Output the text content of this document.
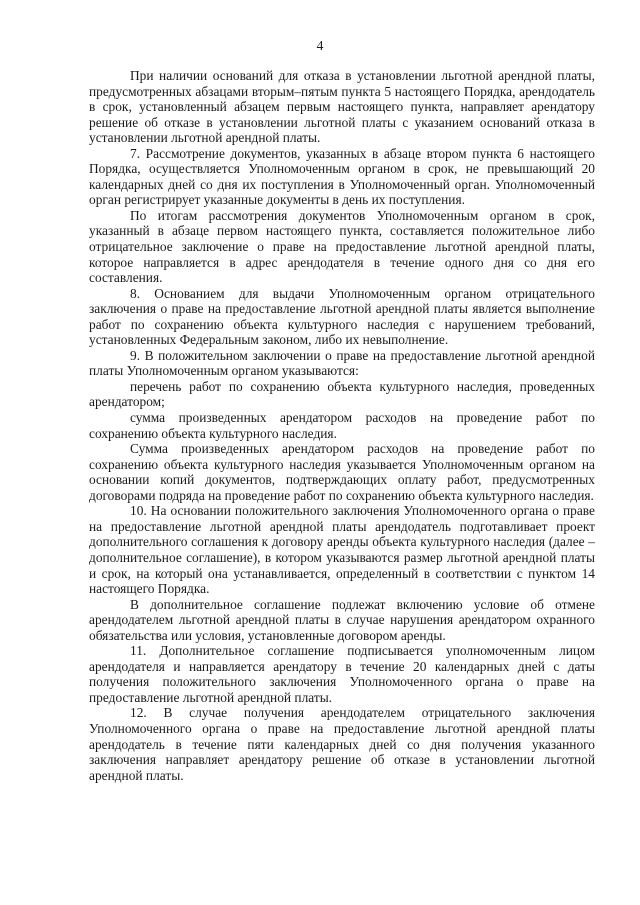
4

При наличии оснований для отказа в установлении льготной арендной платы, предусмотренных абзацами вторым–пятым пункта 5 настоящего Порядка, арендодатель в срок, установленный абзацем первым настоящего пункта, направляет арендатору решение об отказе в установлении льготной платы с указанием оснований отказа в установлении льготной арендной платы.

7. Рассмотрение документов, указанных в абзаце втором пункта 6 настоящего Порядка, осуществляется Уполномоченным органом в срок, не превышающий 20 календарных дней со дня их поступления в Уполномоченный орган. Уполномоченный орган регистрирует указанные документы в день их поступления.

По итогам рассмотрения документов Уполномоченным органом в срок, указанный в абзаце первом настоящего пункта, составляется положительное либо отрицательное заключение о праве на предоставление льготной арендной платы, которое направляется в адрес арендодателя в течение одного дня со дня его составления.

8. Основанием для выдачи Уполномоченным органом отрицательного заключения о праве на предоставление льготной арендной платы является выполнение работ по сохранению объекта культурного наследия с нарушением требований, установленных Федеральным законом, либо их невыполнение.

9. В положительном заключении о праве на предоставление льготной арендной платы Уполномоченным органом указываются:

перечень работ по сохранению объекта культурного наследия, проведенных арендатором;

сумма произведенных арендатором расходов на проведение работ по сохранению объекта культурного наследия.

Сумма произведенных арендатором расходов на проведение работ по сохранению объекта культурного наследия указывается Уполномоченным органом на основании копий документов, подтверждающих оплату работ, предусмотренных договорами подряда на проведение работ по сохранению объекта культурного наследия.

10. На основании положительного заключения Уполномоченного органа о праве на предоставление льготной арендной платы арендодатель подготавливает проект дополнительного соглашения к договору аренды объекта культурного наследия (далее – дополнительное соглашение), в котором указываются размер льготной арендной платы и срок, на который она устанавливается, определенный в соответствии с пунктом 14 настоящего Порядка.

В дополнительное соглашение подлежат включению условие об отмене арендодателем льготной арендной платы в случае нарушения арендатором охранного обязательства или условия, установленные договором аренды.

11. Дополнительное соглашение подписывается уполномоченным лицом арендодателя и направляется арендатору в течение 20 календарных дней с даты получения положительного заключения Уполномоченного органа о праве на предоставление льготной арендной платы.

12. В случае получения арендодателем отрицательного заключения Уполномоченного органа о праве на предоставление льготной арендной платы арендодатель в течение пяти календарных дней со дня получения указанного заключения направляет арендатору решение об отказе в установлении льготной арендной платы.
